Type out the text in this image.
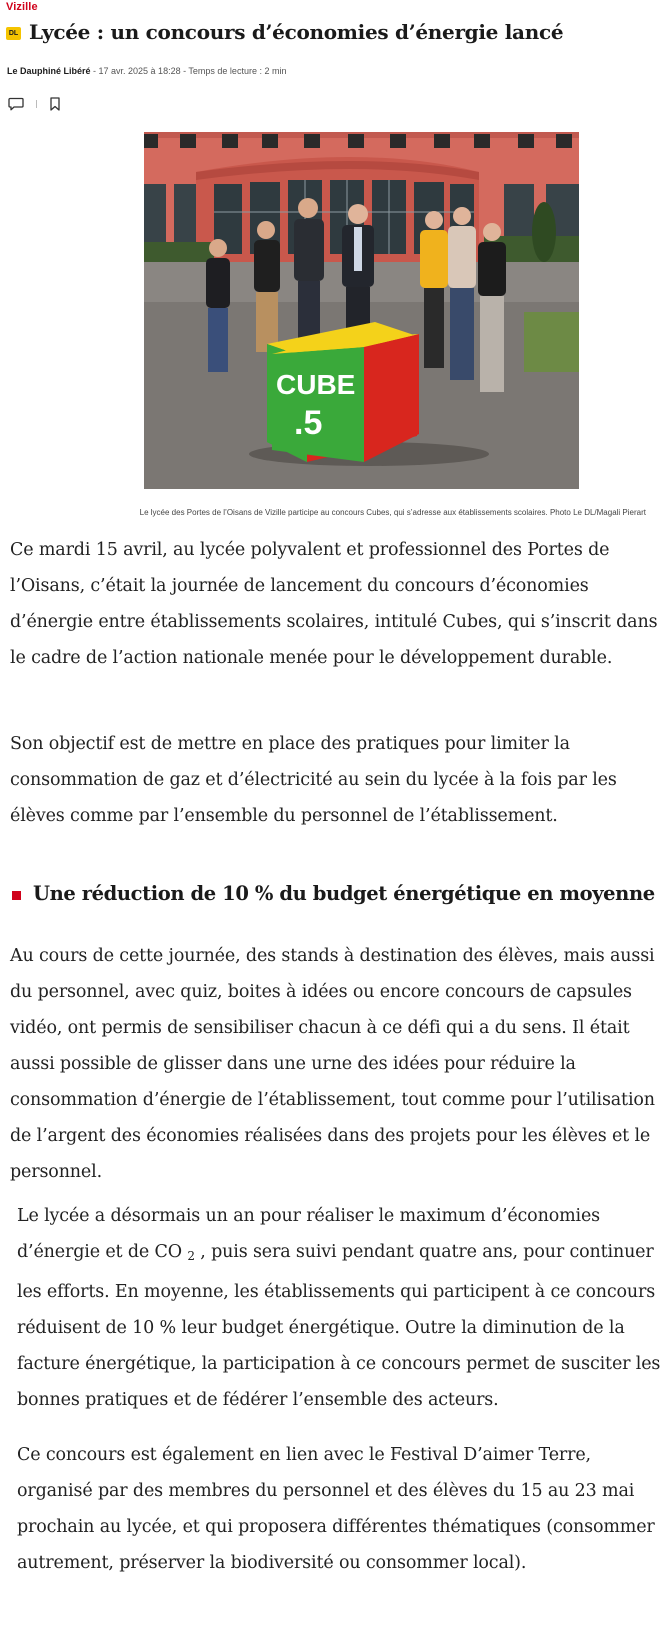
Vizille
DL Lycée : un concours d’économies d’énergie lancé
Le Dauphiné Libéré - 17 avr. 2025 à 18:28 - Temps de lecture : 2 min
CUBE
.5
Le lycée des Portes de l’Oisans de Vizille participe au concours Cubes, qui s’adresse aux établissements scolaires. Photo Le DL/Magali Pierart

Ce mardi 15 avril, au lycée polyvalent et professionnel des Portes de l’Oisans, c’était la journée de lancement du concours d’économies d’énergie entre établissements scolaires, intitulé Cubes, qui s’inscrit dans le cadre de l’action nationale menée pour le développement durable.

Son objectif est de mettre en place des pratiques pour limiter la consommation de gaz et d’électricité au sein du lycée à la fois par les élèves comme par l’ensemble du personnel de l’établissement.

Une réduction de 10 % du budget énergétique en moyenne

Au cours de cette journée, des stands à destination des élèves, mais aussi du personnel, avec quiz, boites à idées ou encore concours de capsules vidéo, ont permis de sensibiliser chacun à ce défi qui a du sens. Il était aussi possible de glisser dans une urne des idées pour réduire la consommation d’énergie de l’établissement, tout comme pour l’utilisation de l’argent des économies réalisées dans des projets pour les élèves et le personnel.

Le lycée a désormais un an pour réaliser le maximum d’économies d’énergie et de CO $_2$ , puis sera suivi pendant quatre ans, pour continuer les efforts. En moyenne, les établissements qui participent à ce concours réduisent de 10 % leur budget énergétique. Outre la diminution de la facture énergétique, la participation à ce concours permet de susciter les bonnes pratiques et de fédérer l’ensemble des acteurs.

Ce concours est également en lien avec le Festival D’aimer Terre, organisé par des membres du personnel et des élèves du 15 au 23 mai prochain au lycée, et qui proposera différentes thématiques (consommer autrement, préserver la biodiversité ou consommer local).
